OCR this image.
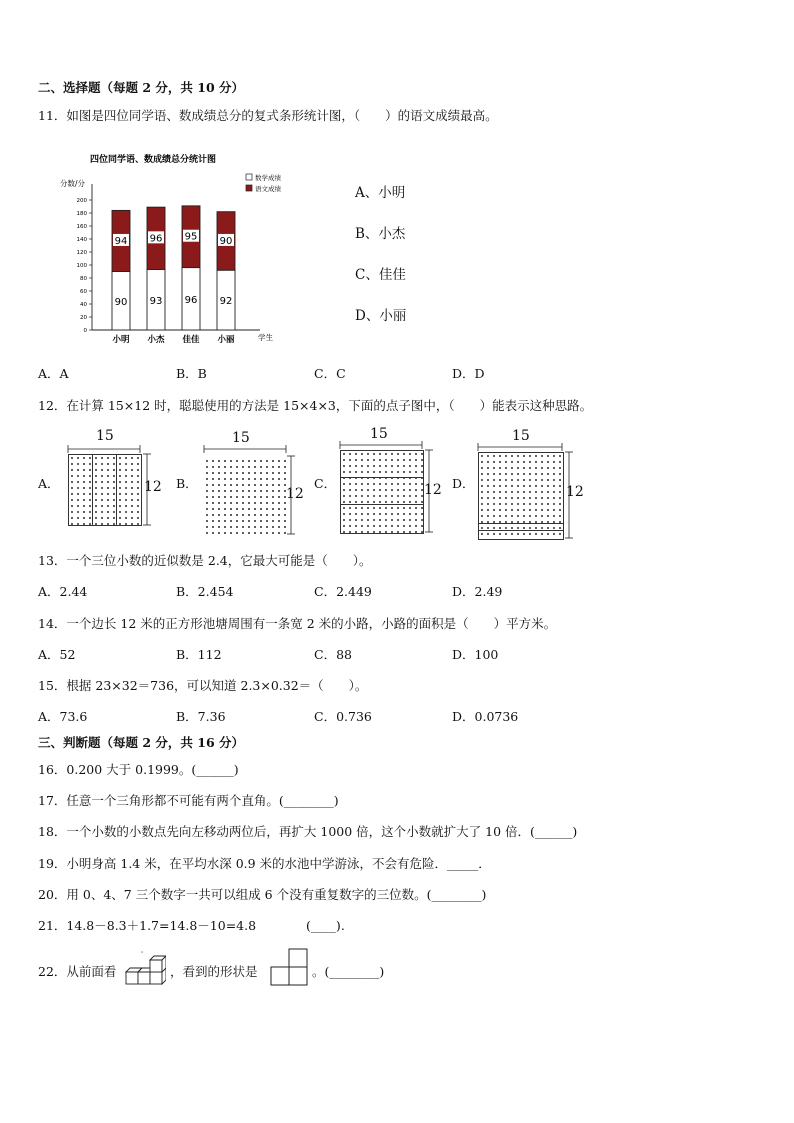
二、选择题（每题 2 分，共 10 分）
11．如图是四位同学语、数成绩总分的复式条形统计图，（　　）的语文成绩最高。
四位同学语、数成绩总分统计图
分数/分
0
20
40
60
80
100
120
140
160
180
200
学生
数学成绩
语文成绩
90
94
小明
93
96
小杰
96
95
佳佳
92
90
小丽
A、小明
B、小杰
C、佳佳
D、小丽
A．A	B．B	C．C	D．D
12．在计算 15×12 时，聪聪使用的方法是 15×4×3，下面的点子图中，（　　）能表示这种思路。
A．
15
12 B．
15
12
C．
15
12 D．
15
12
13．一个三位小数的近似数是 2.4，它最大可能是（　　）。
A．2.44	B．2.454	C．2.449	D．2.49
14．一个边长 12 米的正方形池塘周围有一条宽 2 米的小路，小路的面积是（　　）平方米。
A．52	B．112	C．88	D．100
15．根据 23×32＝736，可以知道 2.3×0.32＝（　　）。
A．73.6	B．7.36	C．0.736	D．0.0736
三、判断题（每题 2 分，共 16 分）
16．0.200 大于 0.1999。(______)
17．任意一个三角形都不可能有两个直角。(________)
18．一个小数的小数点先向左移动两位后，再扩大 1000 倍，这个小数就扩大了 10 倍．(______)
19．小明身高 1.4 米，在平均水深 0.9 米的水池中学游泳，不会有危险．_____．
20．用 0、4、7 三个数字一共可以组成 6 个没有重复数字的三位数。(________)
21．14.8－8.3＋1.7=14.8－10=4.8　　　　(____).
22．从前面看	，看到的形状是	。(________)
